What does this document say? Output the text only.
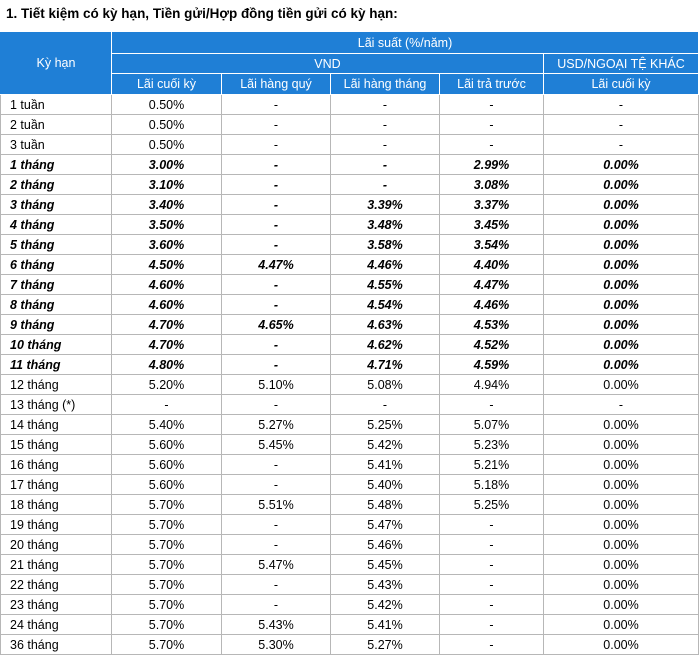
1. Tiết kiệm có kỳ hạn, Tiền gửi/Hợp đồng tiền gửi có kỳ hạn:
Kỳ hạn	Lãi suất (%/năm)				
	VND				USD/NGOẠI TỆ KHÁC
	Lãi cuối kỳ	Lãi hàng quý	Lãi hàng tháng	Lãi trả trước	Lãi cuối kỳ
1 tuần	0.50%	-	-	-	-
2 tuần	0.50%	-	-	-	-
3 tuần	0.50%	-	-	-	-
1 tháng	3.00%	-	-	2.99%	0.00%
2 tháng	3.10%	-	-	3.08%	0.00%
3 tháng	3.40%	-	3.39%	3.37%	0.00%
4 tháng	3.50%	-	3.48%	3.45%	0.00%
5 tháng	3.60%	-	3.58%	3.54%	0.00%
6 tháng	4.50%	4.47%	4.46%	4.40%	0.00%
7 tháng	4.60%	-	4.55%	4.47%	0.00%
8 tháng	4.60%	-	4.54%	4.46%	0.00%
9 tháng	4.70%	4.65%	4.63%	4.53%	0.00%
10 tháng	4.70%	-	4.62%	4.52%	0.00%
11 tháng	4.80%	-	4.71%	4.59%	0.00%
12 tháng	5.20%	5.10%	5.08%	4.94%	0.00%
13 tháng (*)	-	-	-	-	-
14 tháng	5.40%	5.27%	5.25%	5.07%	0.00%
15 tháng	5.60%	5.45%	5.42%	5.23%	0.00%
16 tháng	5.60%	-	5.41%	5.21%	0.00%
17 tháng	5.60%	-	5.40%	5.18%	0.00%
18 tháng	5.70%	5.51%	5.48%	5.25%	0.00%
19 tháng	5.70%	-	5.47%	-	0.00%
20 tháng	5.70%	-	5.46%	-	0.00%
21 tháng	5.70%	5.47%	5.45%	-	0.00%
22 tháng	5.70%	-	5.43%	-	0.00%
23 tháng	5.70%	-	5.42%	-	0.00%
24 tháng	5.70%	5.43%	5.41%	-	0.00%
36 tháng	5.70%	5.30%	5.27%	-	0.00%
